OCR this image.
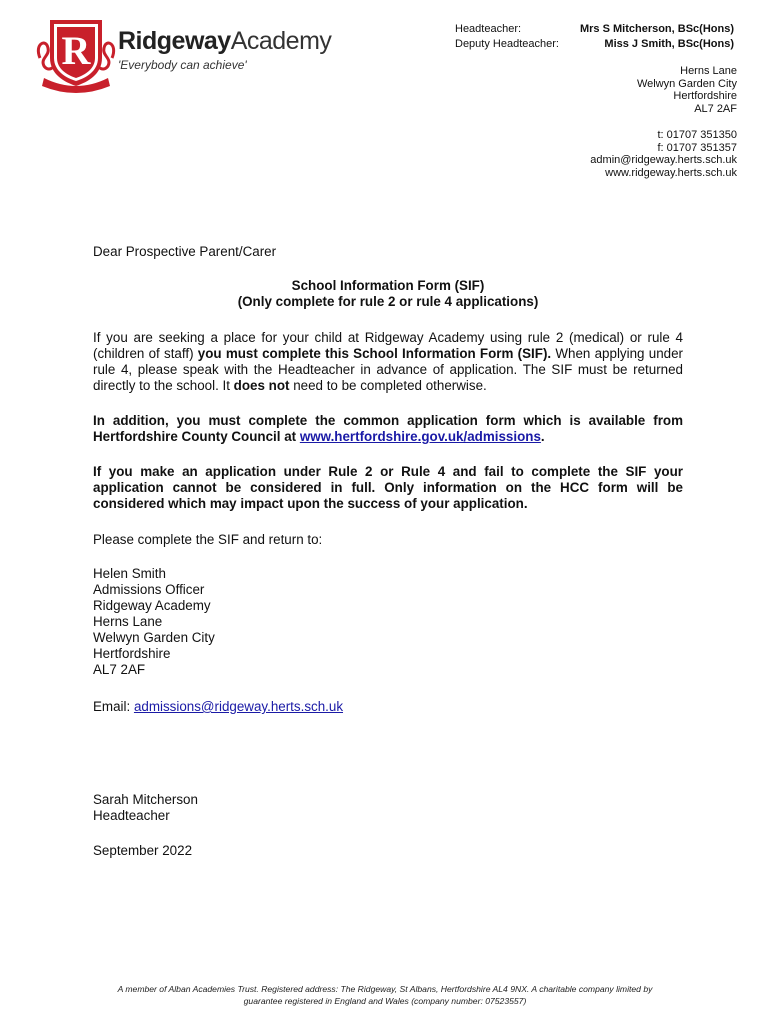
R RidgewayAcademy
'Everybody can achieve'
Headteacher:	Mrs S Mitcherson, BSc(Hons)
Deputy Headteacher:	Miss J Smith, BSc(Hons)
Herns Lane
Welwyn Garden City
Hertfordshire
AL7 2AF
t: 01707 351350
f: 01707 351357
admin@ridgeway.herts.sch.uk
www.ridgeway.herts.sch.uk
Dear Prospective Parent/Carer
School Information Form (SIF)
(Only complete for rule 2 or rule 4 applications)
If you are seeking a place for your child at Ridgeway Academy using rule 2 (medical) or rule 4 (children of staff) you must complete this School Information Form (SIF). When applying under rule 4, please speak with the Headteacher in advance of application. The SIF must be returned directly to the school. It does not need to be completed otherwise.
In addition, you must complete the common application form which is available from Hertfordshire County Council at www.hertfordshire.gov.uk/admissions.
If you make an application under Rule 2 or Rule 4 and fail to complete the SIF your application cannot be considered in full. Only information on the HCC form will be considered which may impact upon the success of your application.
Please complete the SIF and return to:
Helen Smith
Admissions Officer
Ridgeway Academy
Herns Lane
Welwyn Garden City
Hertfordshire
AL7 2AF
Email: admissions@ridgeway.herts.sch.uk
Sarah Mitcherson
Headteacher
September 2022
A member of Alban Academies Trust. Registered address: The Ridgeway, St Albans, Hertfordshire AL4 9NX. A charitable company limited by
guarantee registered in England and Wales (company number: 07523557)
